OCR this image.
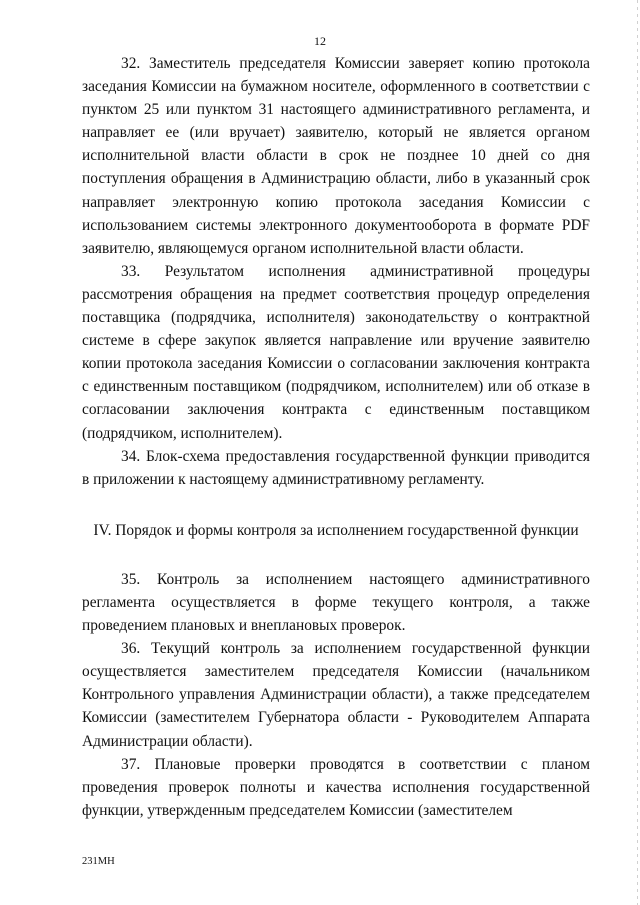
12

32. Заместитель председателя Комиссии заверяет копию протокола заседания Комиссии на бумажном носителе, оформленного в соответствии с пунктом 25 или пунктом 31 настоящего административного регламента, и направляет ее (или вручает) заявителю, который не является органом исполнительной власти области в срок не позднее 10 дней со дня поступления обращения в Администрацию области, либо в указанный срок направляет электронную копию протокола заседания Комиссии с использованием системы электронного документооборота в формате PDF заявителю, являющемуся органом исполнительной власти области.

33. Результатом исполнения административной процедуры рассмотрения обращения на предмет соответствия процедур определения поставщика (подрядчика, исполнителя) законодательству о контрактной системе в сфере закупок является направление или вручение заявителю копии протокола заседания Комиссии о согласовании заключения контракта с единственным поставщиком (подрядчиком, исполнителем) или об отказе в согласовании заключения контракта с единственным поставщиком (подрядчиком, исполнителем).

34. Блок-схема предоставления государственной функции приводится в приложении к настоящему административному регламенту.

IV. Порядок и формы контроля за исполнением государственной функции

35. Контроль за исполнением настоящего административного регламента осуществляется в форме текущего контроля, а также проведением плановых и внеплановых проверок.

36. Текущий контроль за исполнением государственной функции осуществляется заместителем председателя Комиссии (начальником Контрольного управления Администрации области), а также председателем Комиссии (заместителем Губернатора области - Руководителем Аппарата Администрации области).

37. Плановые проверки проводятся в соответствии с планом проведения проверок полноты и качества исполнения государственной функции, утвержденным председателем Комиссии (заместителем

231МН
